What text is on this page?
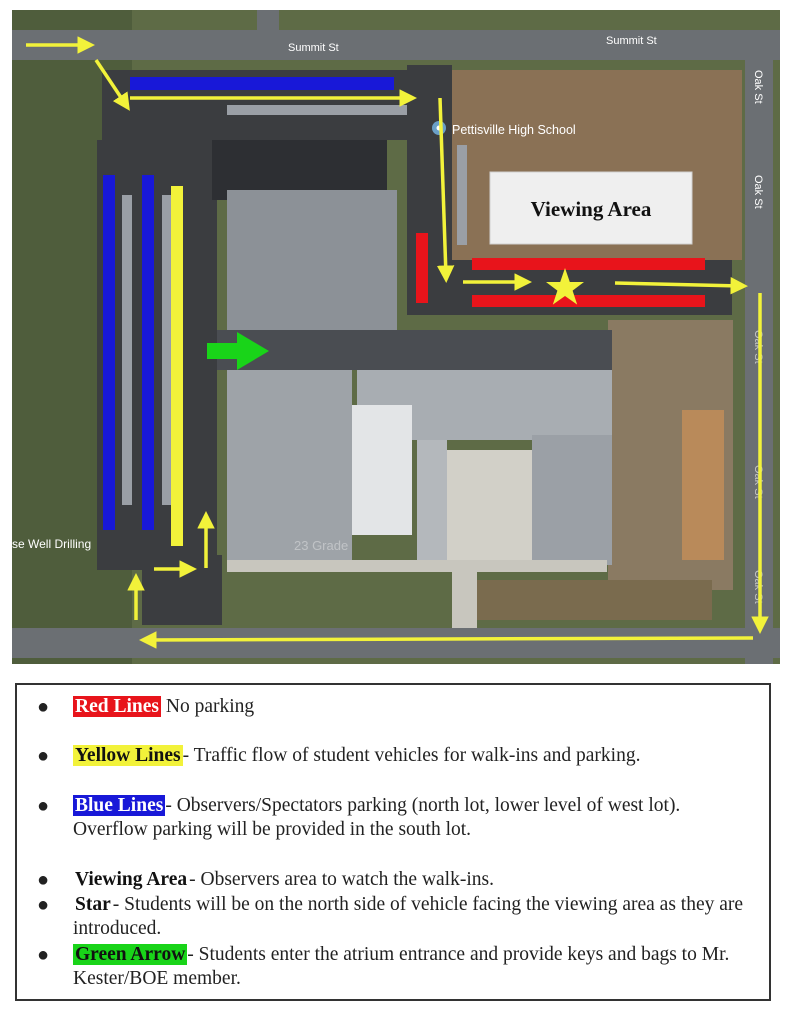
Summit St
Summit St
Oak St
Oak St
Oak St
Oak St
Oak St
se Well Drilling
Pettisville High School
23 Grade
Viewing Area
● Red Lines No parking
● Yellow Lines - Traffic flow of student vehicles for walk-ins and parking.
● Blue Lines - Observers/Spectators parking (north lot, lower level of west lot). Overflow parking will be provided in the south lot.
● Viewing Area - Observers area to watch the walk-ins.
● Star - Students will be on the north side of vehicle facing the viewing area as they are introduced.
● Green Arrow - Students enter the atrium entrance and provide keys and bags to Mr. Kester/BOE member.
